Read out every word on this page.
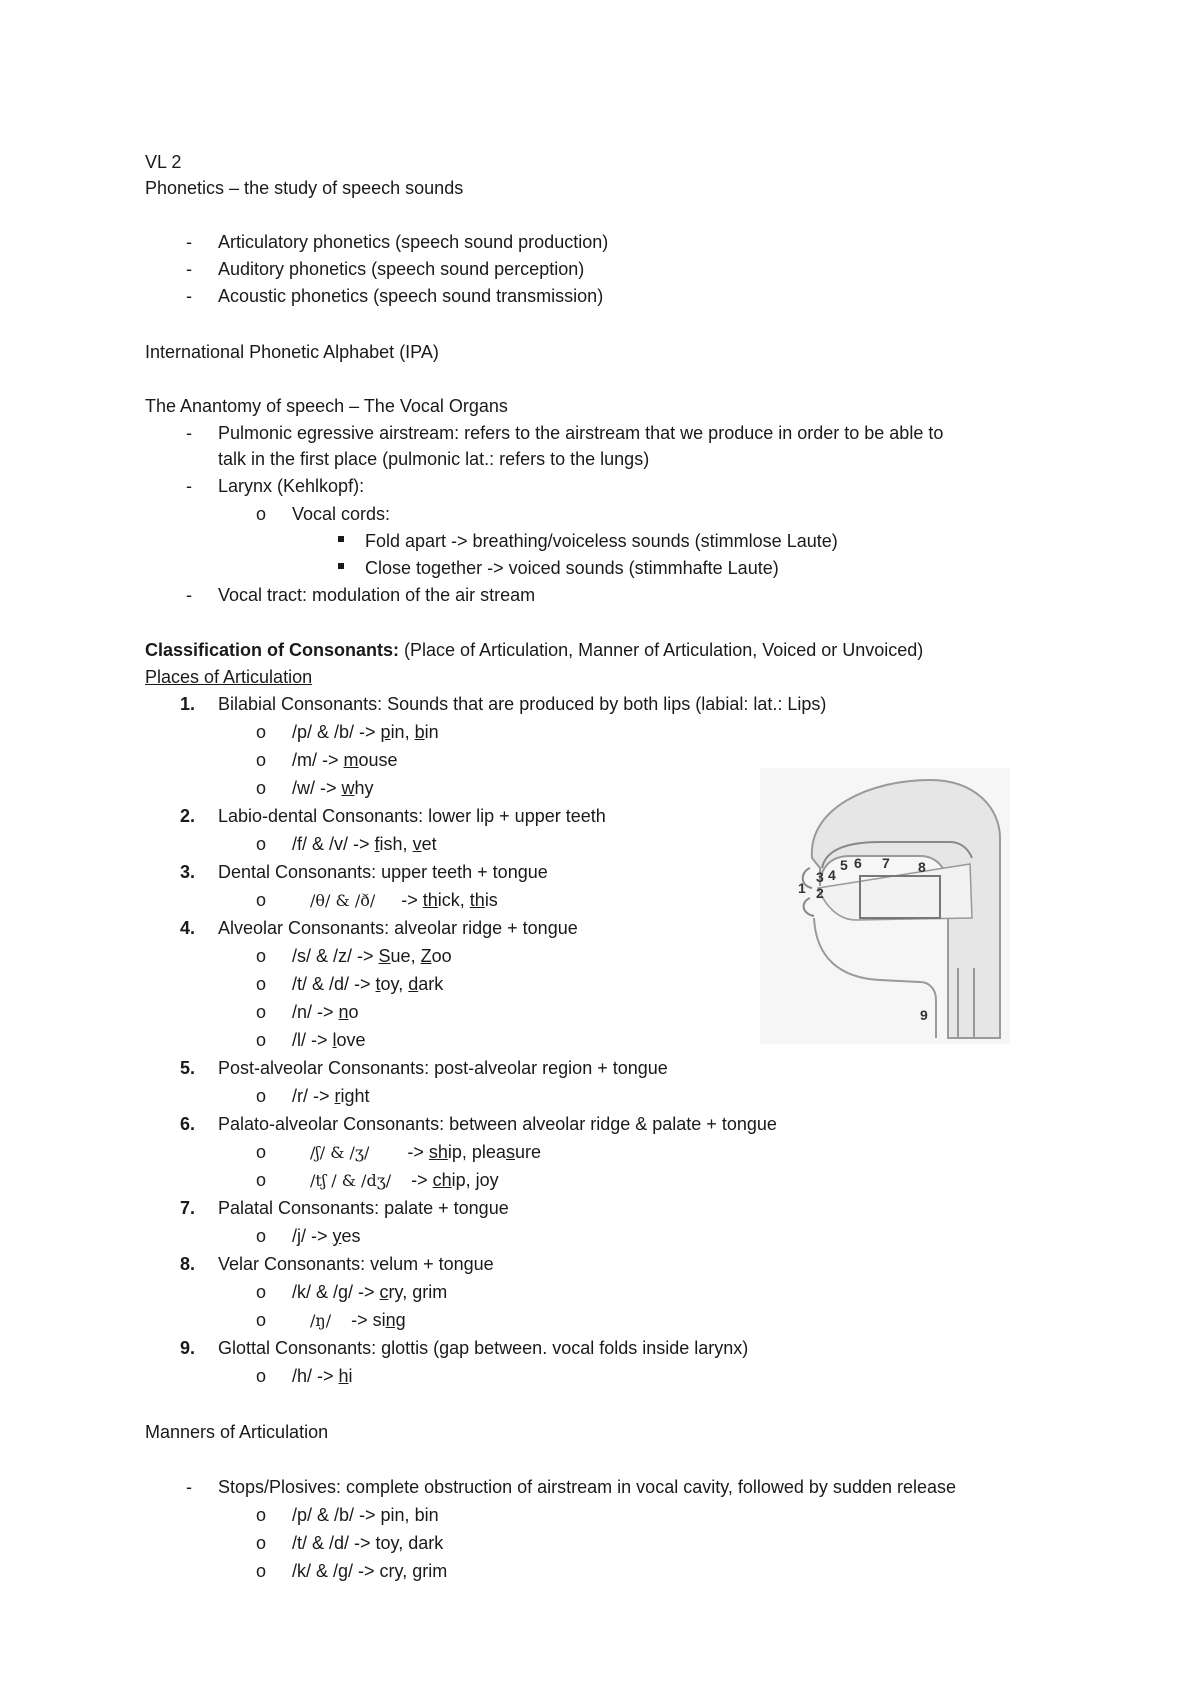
VL 2
Phonetics – the study of speech sounds
- Articulatory phonetics (speech sound production)
- Auditory phonetics (speech sound perception)
- Acoustic phonetics (speech sound transmission)
International Phonetic Alphabet (IPA)
The Anantomy of speech – The Vocal Organs
- Pulmonic egressive airstream: refers to the airstream that we produce in order to be able to
talk in the first place (pulmonic lat.: refers to the lungs)
- Larynx (Kehlkopf):
o Vocal cords:
Fold apart -> breathing/voiceless sounds (stimmlose Laute)
Close together -> voiced sounds (stimmhafte Laute)
- Vocal tract: modulation of the air stream
Classification of Consonants: (Place of Articulation, Manner of Articulation, Voiced or Unvoiced)
Places of Articulation
1. Bilabial Consonants: Sounds that are produced by both lips (labial: lat.: Lips)
o /p/ & /b/ -> pin, bin
o /m/ -> mouse
o /w/ -> why
2. Labio-dental Consonants: lower lip + upper teeth
o /f/ & /v/ -> fish, vet
3. Dental Consonants: upper teeth + tongue
o	/θ/ & /ð/ -> thick, this
4. Alveolar Consonants: alveolar ridge + tongue
o /s/ & /z/ -> Sue, Zoo
o /t/ & /d/ -> toy, dark
o /n/ -> no
o /l/ -> love
5. Post-alveolar Consonants: post-alveolar region + tongue
o /r/ -> right
6. Palato-alveolar Consonants: between alveolar ridge & palate + tongue
o	/ʃ/ & /ʒ/ -> ship, pleasure
o	/tʃ / & /dʒ/ -> chip, joy
7. Palatal Consonants: palate + tongue
o /j/ -> yes
8. Velar Consonants: velum + tongue
o /k/ & /g/ -> cry, grim
o	/ŋ/ -> sing
9. Glottal Consonants: glottis (gap between. vocal folds inside larynx)
o /h/ -> hi
Manners of Articulation
- Stops/Plosives: complete obstruction of airstream in vocal cavity, followed by sudden release
o /p/ & /b/ -> pin, bin
o /t/ & /d/ -> toy, dark
o /k/ & /g/ -> cry, grim
1 2
3 4
5 6 7 8
9
